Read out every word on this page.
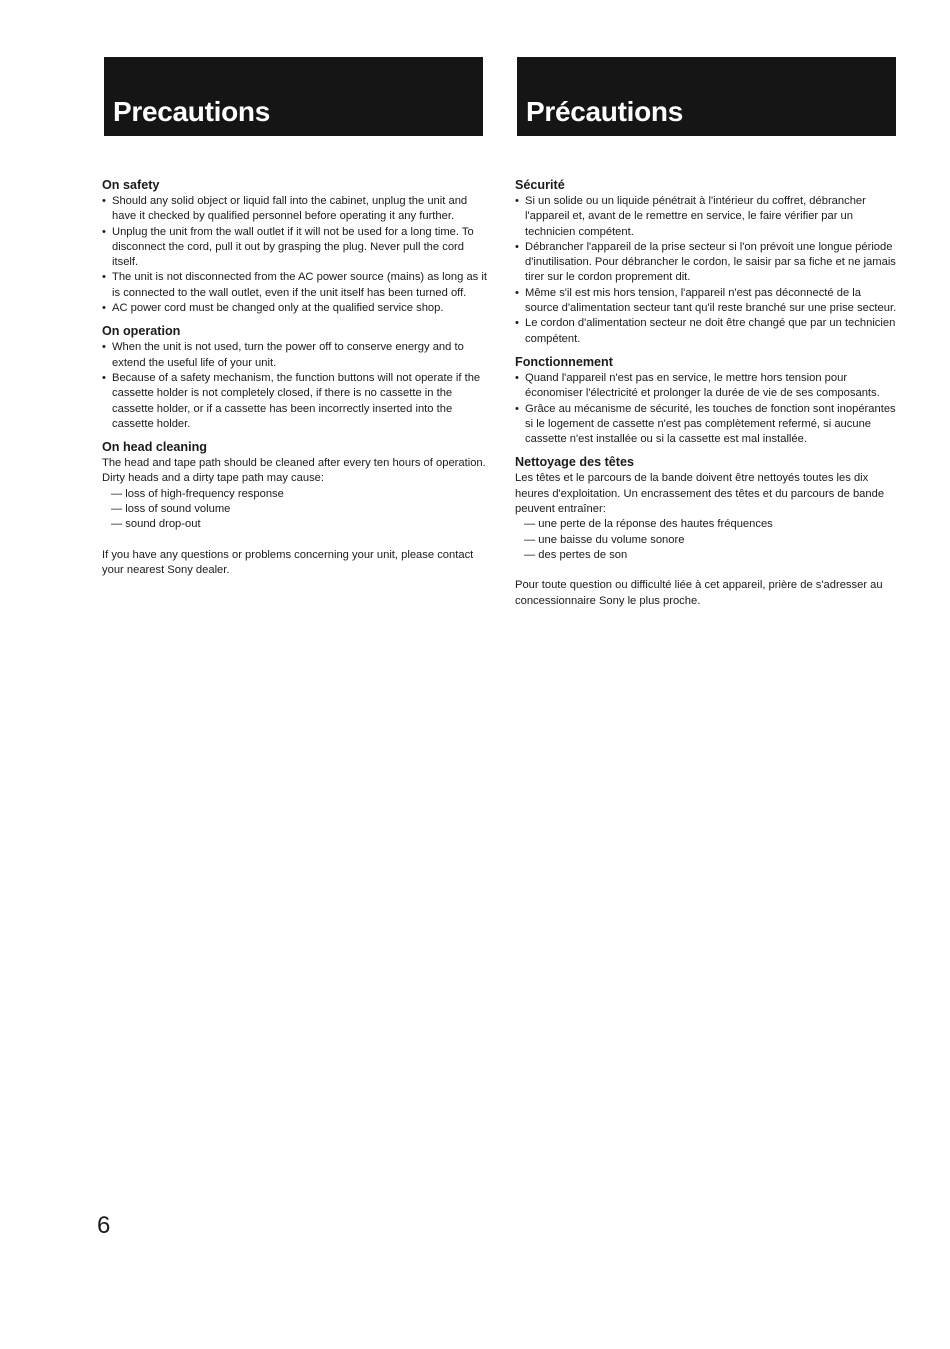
Precautions	Précautions
On safety
• Should any solid object or liquid fall into the cabinet, unplug the unit and have it checked by qualified personnel before operating it any further.
• Unplug the unit from the wall outlet if it will not be used for a long time. To disconnect the cord, pull it out by grasping the plug. Never pull the cord itself.
• The unit is not disconnected from the AC power source (mains) as long as it is connected to the wall outlet, even if the unit itself has been turned off.
• AC power cord must be changed only at the qualified service shop.
On operation
• When the unit is not used, turn the power off to conserve energy and to extend the useful life of your unit.
• Because of a safety mechanism, the function buttons will not operate if the cassette holder is not completely closed, if there is no cassette in the cassette holder, or if a cassette has been incorrectly inserted into the cassette holder.
On head cleaning

The head and tape path should be cleaned after every ten hours of operation. Dirty heads and a dirty tape path may cause:

— loss of high-frequency response
— loss of sound volume
— sound drop-out

If you have any questions or problems concerning your unit, please contact your nearest Sony dealer.

Sécurité
• Si un solide ou un liquide pénétrait à l'intérieur du coffret, débrancher l'appareil et, avant de le remettre en service, le faire vérifier par un technicien compétent.
• Débrancher l'appareil de la prise secteur si l'on prévoit une longue période d'inutilisation. Pour débrancher le cordon, le saisir par sa fiche et ne jamais tirer sur le cordon proprement dit.
• Même s'il est mis hors tension, l'appareil n'est pas déconnecté de la source d'alimentation secteur tant qu'il reste branché sur une prise secteur.
• Le cordon d'alimentation secteur ne doit être changé que par un technicien compétent.
Fonctionnement
• Quand l'appareil n'est pas en service, le mettre hors tension pour économiser l'électricité et prolonger la durée de vie de ses composants.
• Grâce au mécanisme de sécurité, les touches de fonction sont inopérantes si le logement de cassette n'est pas complètement refermé, si aucune cassette n'est installée ou si la cassette est mal installée.
Nettoyage des têtes

Les têtes et le parcours de la bande doivent être nettoyés toutes les dix heures d'exploitation. Un encrassement des têtes et du parcours de bande peuvent entraîner:

— une perte de la réponse des hautes fréquences
— une baisse du volume sonore
— des pertes de son

Pour toute question ou difficulté liée à cet appareil, prière de s'adresser au concessionnaire Sony le plus proche.

6
